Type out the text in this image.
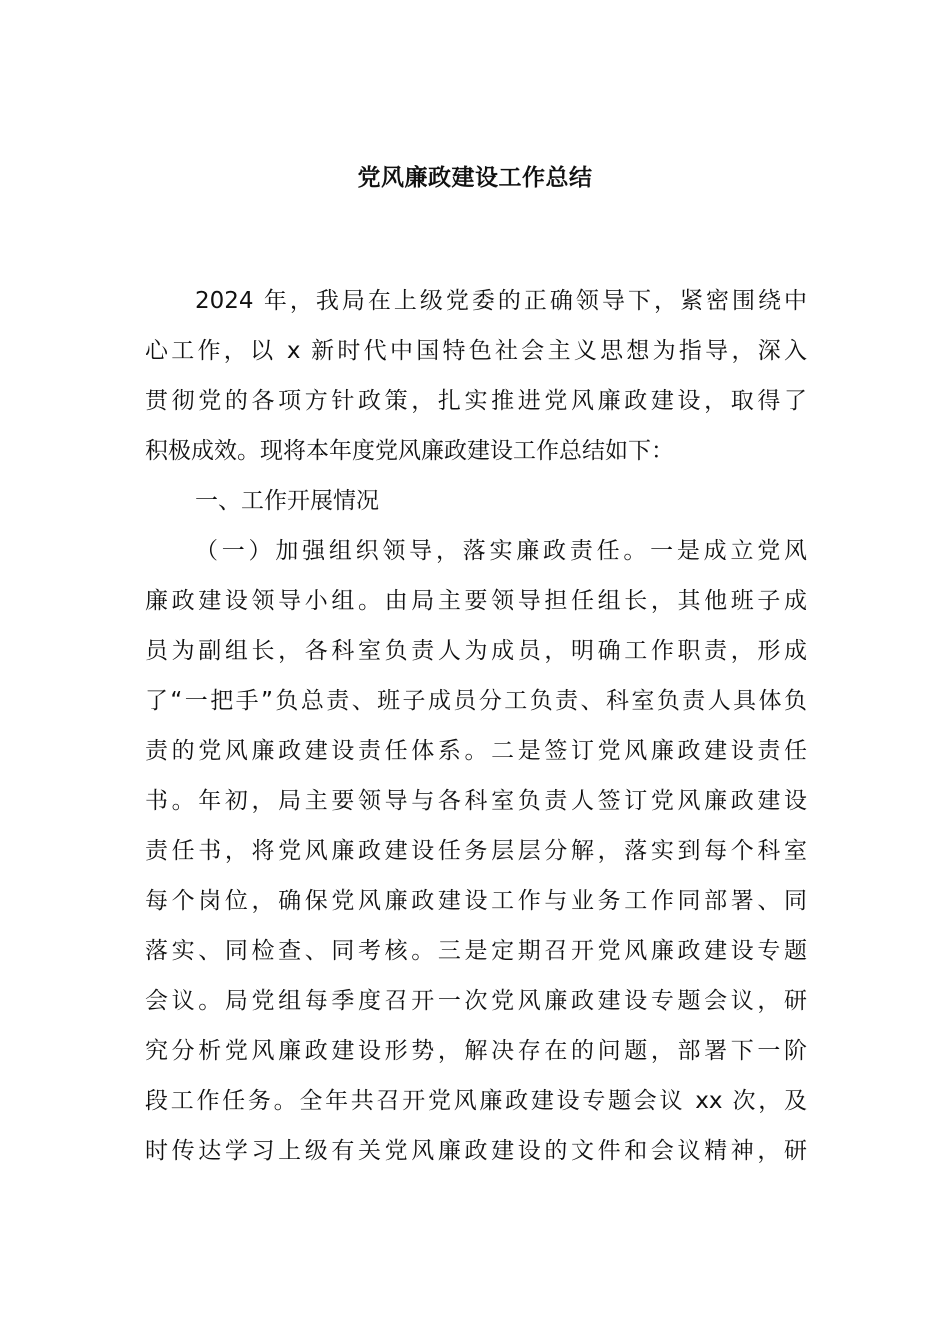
党风廉政建设工作总结
2024 年，我局在上级党委的正确领导下，紧密围绕中
心工作，以 x 新时代中国特色社会主义思想为指导，深入
贯彻党的各项方针政策，扎实推进党风廉政建设，取得了
积极成效。现将本年度党风廉政建设工作总结如下：
一、工作开展情况
（一）加强组织领导，落实廉政责任。一是成立党风
廉政建设领导小组。由局主要领导担任组长，其他班子成
员为副组长，各科室负责人为成员，明确工作职责，形成
了“一把手”负总责、班子成员分工负责、科室负责人具体负
责的党风廉政建设责任体系。二是签订党风廉政建设责任
书。年初，局主要领导与各科室负责人签订党风廉政建设
责任书，将党风廉政建设任务层层分解，落实到每个科室
每个岗位，确保党风廉政建设工作与业务工作同部署、同
落实、同检查、同考核。三是定期召开党风廉政建设专题
会议。局党组每季度召开一次党风廉政建设专题会议，研
究分析党风廉政建设形势，解决存在的问题，部署下一阶
段工作任务。全年共召开党风廉政建设专题会议 xx 次，及
时传达学习上级有关党风廉政建设的文件和会议精神，研
